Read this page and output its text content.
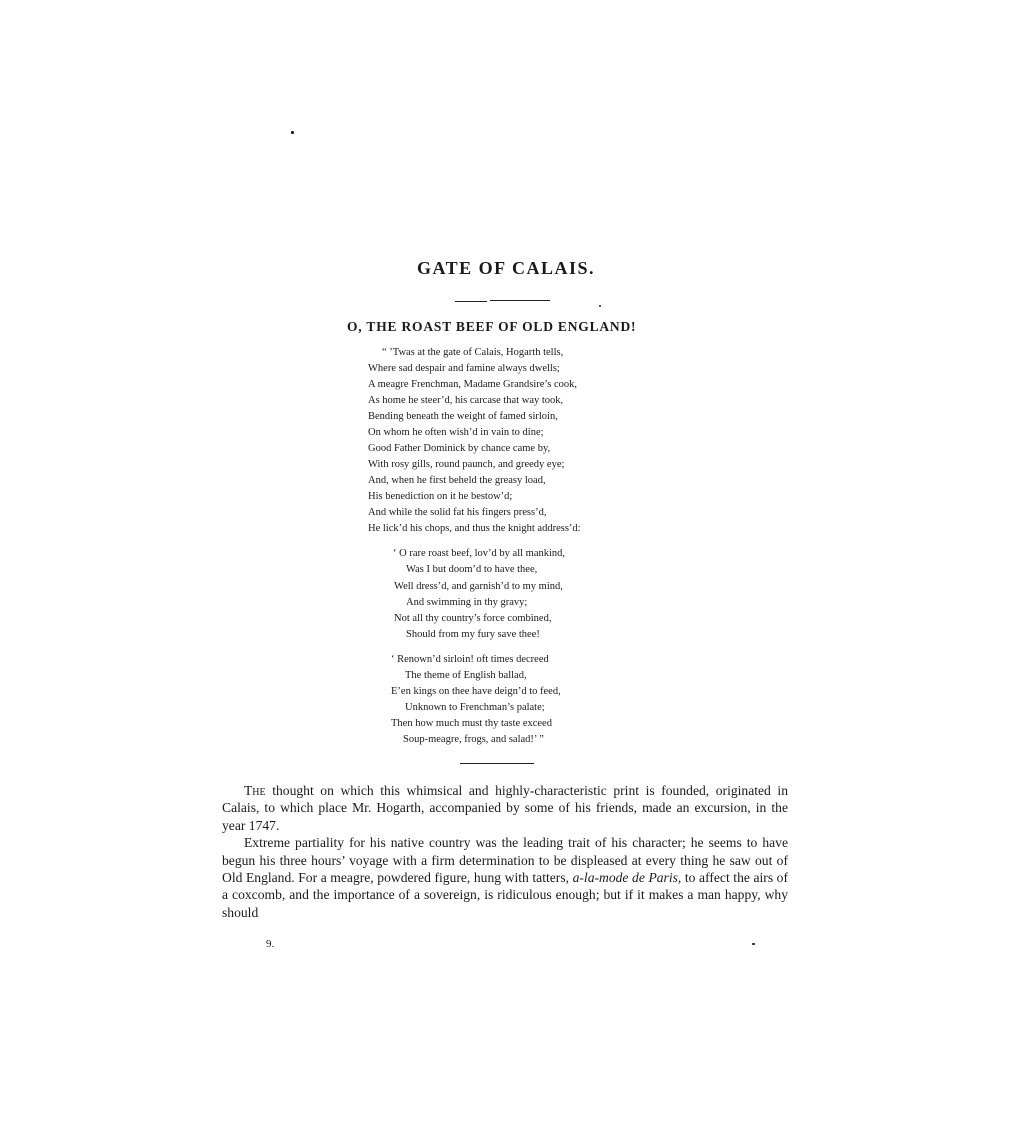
GATE OF CALAIS.
O, THE ROAST BEEF OF OLD ENGLAND!
“ ’Twas at the gate of Calais, Hogarth tells,
Where sad despair and famine always dwells;
A meagre Frenchman, Madame Grandsire’s cook,
As home he steer’d, his carcase that way took,
Bending beneath the weight of famed sirloin,
On whom he often wish’d in vain to dine;
Good Father Dominick by chance came by,
With rosy gills, round paunch, and greedy eye;
And, when he first beheld the greasy load,
His benediction on it he bestow’d;
And while the solid fat his fingers press’d,
He lick’d his chops, and thus the knight address’d:
‘ O rare roast beef, lov’d by all mankind,
Was I but doom’d to have thee,
Well dress’d, and garnish’d to my mind,
And swimming in thy gravy;
Not all thy country’s force combined,
Should from my fury save thee!
‘ Renown’d sirloin! oft times decreed
The theme of English ballad,
E’en kings on thee have deign’d to feed,
Unknown to Frenchman’s palate;
Then how much must thy taste exceed
Soup-meagre, frogs, and salad!’ ”

The thought on which this whimsical and highly-characteristic print is founded, originated in Calais, to which place Mr. Hogarth, accompanied by some of his friends, made an excursion, in the year 1747.

Extreme partiality for his native country was the leading trait of his character; he seems to have begun his three hours’ voyage with a firm determination to be displeased at every thing he saw out of Old England. For a meagre, powdered figure, hung with tatters, a-la-mode de Paris, to affect the airs of a coxcomb, and the importance of a sovereign, is ridiculous enough; but if it makes a man happy, why should

9.
